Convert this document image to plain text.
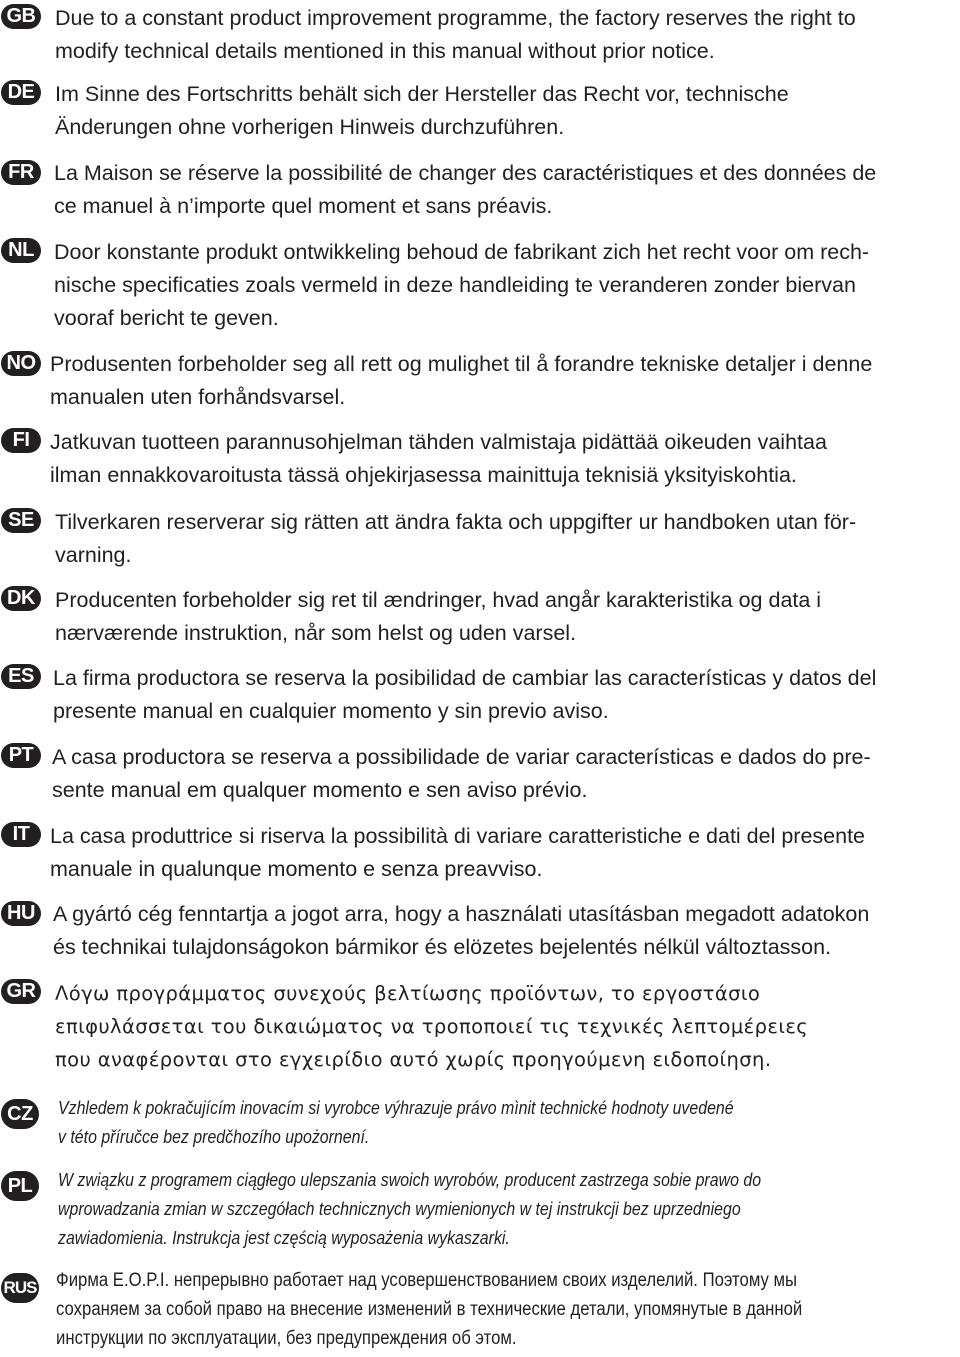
GB Due to a constant product improvement programme, the factory reserves the right to
modify technical details mentioned in this manual without prior notice.

DE Im Sinne des Fortschritts behält sich der Hersteller das Recht vor, technische
Änderungen ohne vorherigen Hinweis durchzuführen.

FR La Maison se réserve la possibilité de changer des caractéristiques et des données de
ce manuel à n’importe quel moment et sans préavis.

NL Door konstante produkt ontwikkeling behoud de fabrikant zich het recht voor om rech-
nische specificaties zoals vermeld in deze handleiding te veranderen zonder biervan
vooraf bericht te geven.

NO Produsenten forbeholder seg all rett og mulighet til å forandre tekniske detaljer i denne
manualen uten forhåndsvarsel.

FI Jatkuvan tuotteen parannusohjelman tähden valmistaja pidättää oikeuden vaihtaa
ilman ennakkovaroitusta tässä ohjekirjasessa mainittuja teknisiä yksityiskohtia.

SE Tilverkaren reserverar sig rätten att ändra fakta och uppgifter ur handboken utan för-
varning.

DK Producenten forbeholder sig ret til ændringer, hvad angår karakteristika og data i
nærværende instruktion, når som helst og uden varsel.

ES La firma productora se reserva la posibilidad de cambiar las características y datos del
presente manual en cualquier momento y sin previo aviso.

PT A casa productora se reserva a possibilidade de variar características e dados do pre-
sente manual em qualquer momento e sen aviso prévio.

IT La casa produttrice si riserva la possibilità di variare caratteristiche e dati del presente
manuale in qualunque momento e senza preavviso.

HU A gyártó cég fenntartja a jogot arra, hogy a használati utasításban megadott adatokon
és technikai tulajdonságokon bármikor és elözetes bejelentés nélkül változtasson.

GR Λόγω προγράμματος συνεχούς βελτίωσης προϊόντων, το εργοστάσιο
επιφυλάσσεται του δικαιώματος να τροποποιεί τις τεχνικές λεπτομέρειες
που αναφέρονται στο εγχειρίδιο αυτό χωρίς προηγούμενη ειδοποίηση.

CZ	Vzhledem k pokračujícím inovacím si vyrobce výhrazuje právo mìnit technické hodnoty uvedené
v této příručce bez predčhozího upożornení.

PL	W związku z programem ciągłego ulepszania swoich wyrobów, producent zastrzega sobie prawo do
wprowadzania zmian w szczegółach technicznych wymienionych w tej instrukcji bez uprzedniego
zawiadomienia. Instrukcja jest częścią wyposażenia wykaszarki.

RUS Фирма E.O.P.I. непрерывно работает над усовершенствованием своих изделелий. Поэтому мы
сохраняем за собой право на внесение изменений в технические детали, упомянутые в данной
инструкции по эксплуатации, без предупреждения об этом.
